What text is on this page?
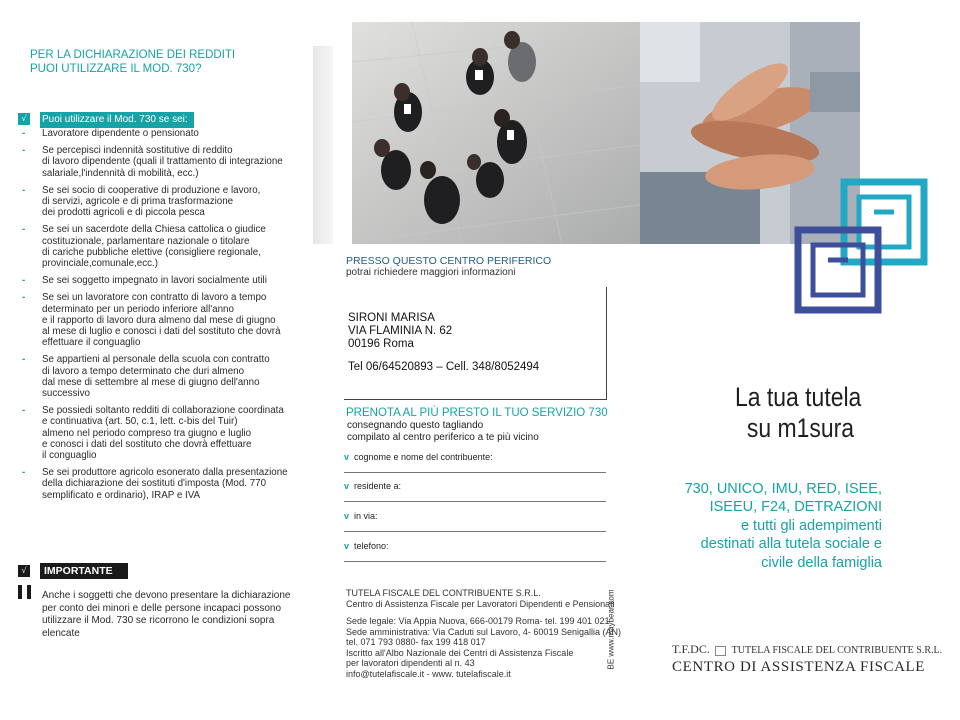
PER LA DICHIARAZIONE DEI REDDITI
PUOI UTILIZZARE IL MOD. 730?
√	Puoi utilizzare il Mod. 730 se sei:
- Lavoratore dipendente o pensionato
- Se percepisci indennità sostitutive di reddito
di lavoro dipendente (quali il trattamento di integrazione
salariale,l'indennità di mobilità, ecc.)
- Se sei socio di cooperative di produzione e lavoro,
di servizi, agricole e di prima trasformazione
dei prodotti agricoli e di piccola pesca
- Se sei un sacerdote della Chiesa cattolica o giudice
costituzionale, parlamentare nazionale o titolare
di cariche pubbliche elettive (consigliere regionale,
provinciale,comunale,ecc.)
- Se sei soggetto impegnato in lavori socialmente utili
- Se sei un lavoratore con contratto di lavoro a tempo
determinato per un periodo inferiore all'anno
e il rapporto di lavoro dura almeno dal mese di giugno
al mese di luglio e conosci i dati del sostituto che dovrà
effettuare il conguaglio
- Se appartieni al personale della scuola con contratto
di lavoro a tempo determinato che duri almeno
dal mese di settembre al mese di giugno dell'anno
successivo
- Se possiedi soltanto redditi di collaborazione coordinata
e continuativa (art. 50, c.1, lett. c-bis del Tuir)
almeno nel periodo compreso tra giugno e luglio
e conosci i dati del sostituto che dovrà effettuare
il conguaglio
- Se sei produttore agricolo esonerato dalla presentazione
della dichiarazione dei sostituti d'imposta (Mod. 770
semplificato e ordinario), IRAP e IVA
√	IMPORTANTE
Anche i soggetti che devono presentare la dichiarazione
per conto dei minori e delle persone incapaci possono
utilizzare il Mod. 730 se ricorrono le condizioni sopra
elencate
PRESSO QUESTO CENTRO PERIFERICO
potrai richiedere maggiori informazioni
SIRONI MARISA
VIA FLAMINIA N. 62
00196 Roma
Tel 06/64520893 – Cell. 348/8052494
PRENOTA AL PIÙ PRESTO IL TUO SERVIZIO 730
consegnando questo tagliando
compilato al centro periferico a te più vicino
v cognome e nome del contribuente:
v residente a:
v in via:
v telefono:
TUTELA FISCALE DEL CONTRIBUENTE S.R.L.
Centro di Assistenza Fiscale per Lavoratori Dipendenti e Pensionati
Sede legale: Via Appia Nuova, 666-00179 Roma- tel. 199 401 021
Sede amministrativa: Via Caduti sul Lavoro, 4- 60019 Senigallia (AN)
tel. 071 793 0880- fax 199 418 017
Iscritto all'Albo Nazionale dei Centri di Assistenza Fiscale
per lavoratori dipendenti al n. 43
info@tutelafiscale.it - www. tutelafiscale.it
BE www.maybear.com
La tua tutela
su m1sura
730, UNICO, IMU, RED, ISEE,
ISEEU, F24, DETRAZIONI
e tutti gli adempimenti
destinati alla tutela sociale e
civile della famiglia
T.F.DC. TUTELA FISCALE DEL CONTRIBUENTE S.R.L.
CENTRO DI ASSISTENZA FISCALE
